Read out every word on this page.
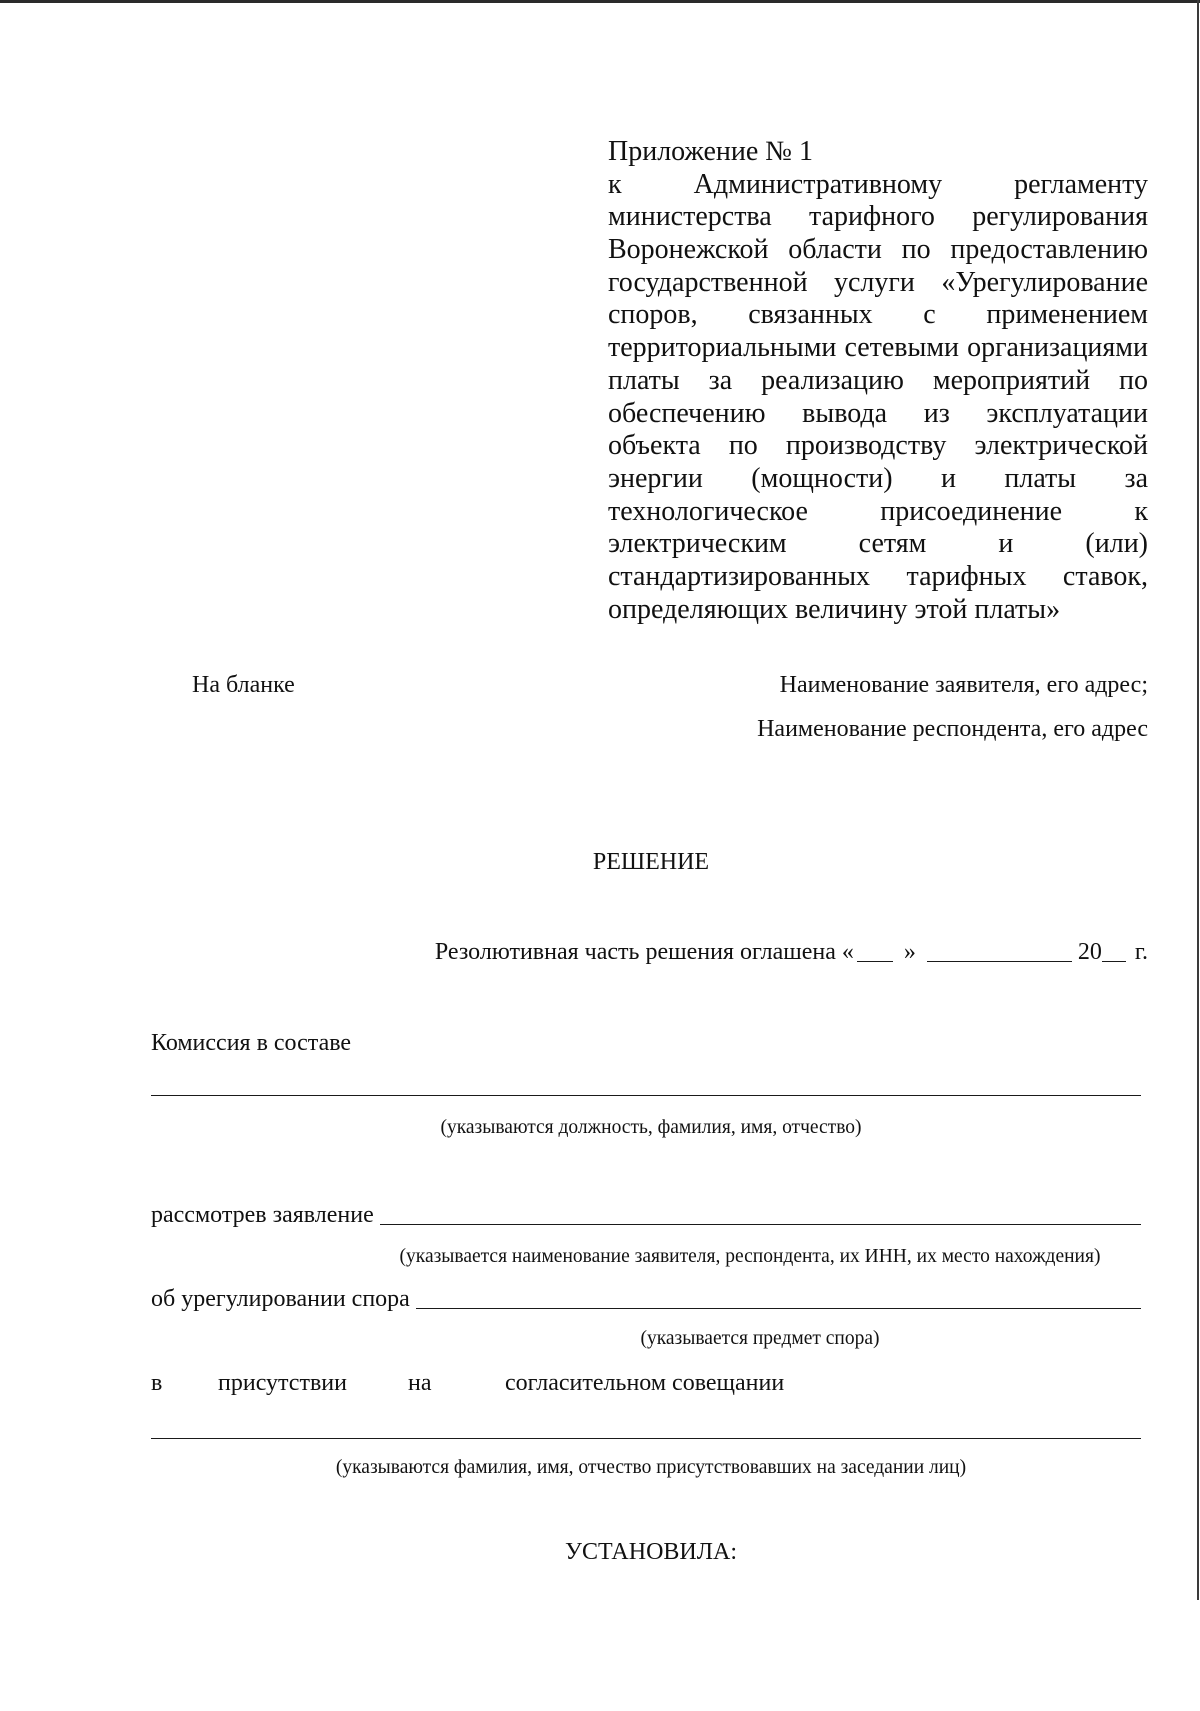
Приложение № 1
к Административному регламенту
министерства тарифного регулирования
Воронежской области по предоставлению
государственной услуги «Урегулирование
споров, связанных с применением
территориальными сетевыми организациями
платы за реализацию мероприятий по
обеспечению вывода из эксплуатации
объекта по производству электрической
энергии (мощности) и платы за
технологическое присоединение к
электрическим сетям и (или)
стандартизированных тарифных ставок,
определяющих величину этой платы»
На бланке	Наименование заявителя, его адрес;
Наименование респондента, его адрес
РЕШЕНИЕ
Резолютивная часть решения оглашена « »	20 г.
Комиссия в составе
(указываются должность, фамилия, имя, отчество)
рассмотрев заявление
(указывается наименование заявителя, респондента, их ИНН, их место нахождения)
об урегулировании спора
(указывается предмет спора)
в присутствии	на	согласительном совещании
(указываются фамилия, имя, отчество присутствовавших на заседании лиц)
УСТАНОВИЛА:
